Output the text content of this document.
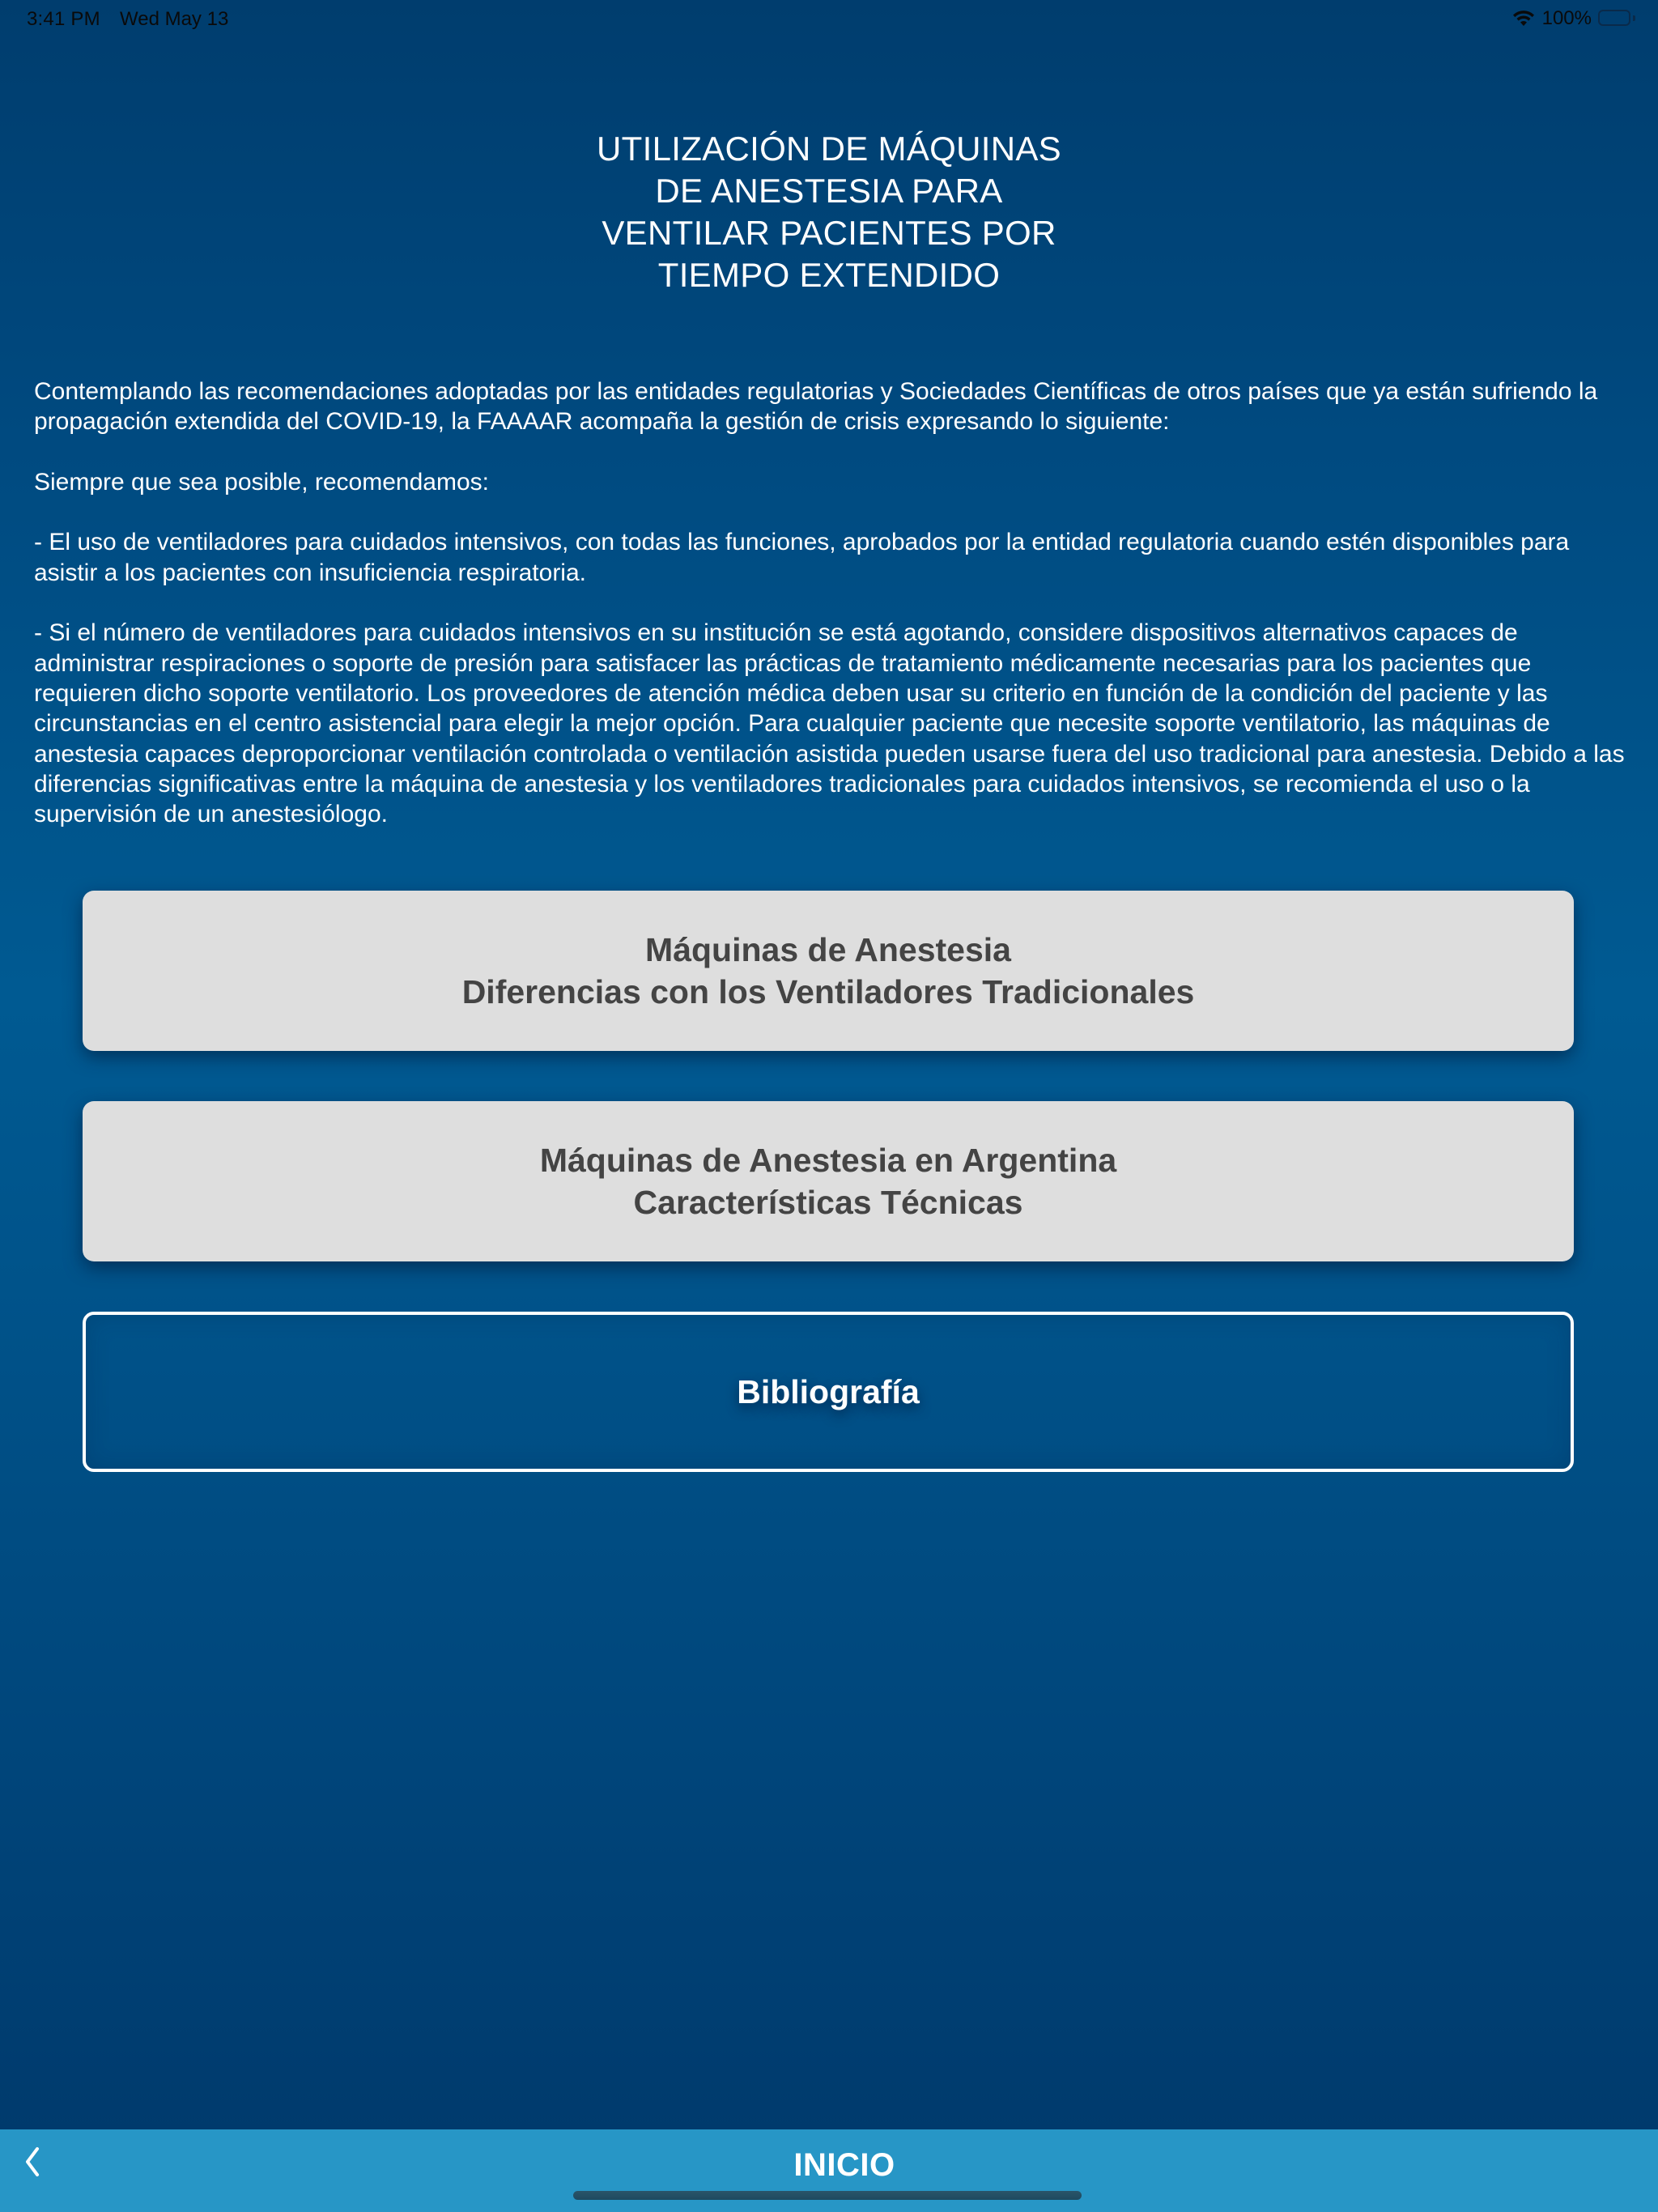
3:41 PM Wed May 13	100%
UTILIZACIÓN DE MÁQUINAS
DE ANESTESIA PARA
VENTILAR PACIENTES POR
TIEMPO EXTENDIDO

Contemplando las recomendaciones adoptadas por las entidades regulatorias y Sociedades Científicas de otros países que ya están sufriendo la propagación extendida del COVID-19, la FAAAAR acompaña la gestión de crisis expresando lo siguiente:

Siempre que sea posible, recomendamos:

- El uso de ventiladores para cuidados intensivos, con todas las funciones, aprobados por la entidad regulatoria cuando estén disponibles para asistir a los pacientes con insuficiencia respiratoria.

- Si el número de ventiladores para cuidados intensivos en su institución se está agotando, considere dispositivos alternativos capaces de administrar respiraciones o soporte de presión para satisfacer las prácticas de tratamiento médicamente necesarias para los pacientes que requieren dicho soporte ventilatorio. Los proveedores de atención médica deben usar su criterio en función de la condición del paciente y las circunstancias en el centro asistencial para elegir la mejor opción. Para cualquier paciente que necesite soporte ventilatorio, las máquinas de anestesia capaces deproporcionar ventilación controlada o ventilación asistida pueden usarse fuera del uso tradicional para anestesia. Debido a las diferencias significativas entre la máquina de anestesia y los ventiladores tradicionales para cuidados intensivos, se recomienda el uso o la supervisión de un anestesiólogo.

Máquinas de Anestesia
Diferencias con los Ventiladores Tradicionales
Máquinas de Anestesia en Argentina
Características Técnicas
Bibliografía
INICIO
